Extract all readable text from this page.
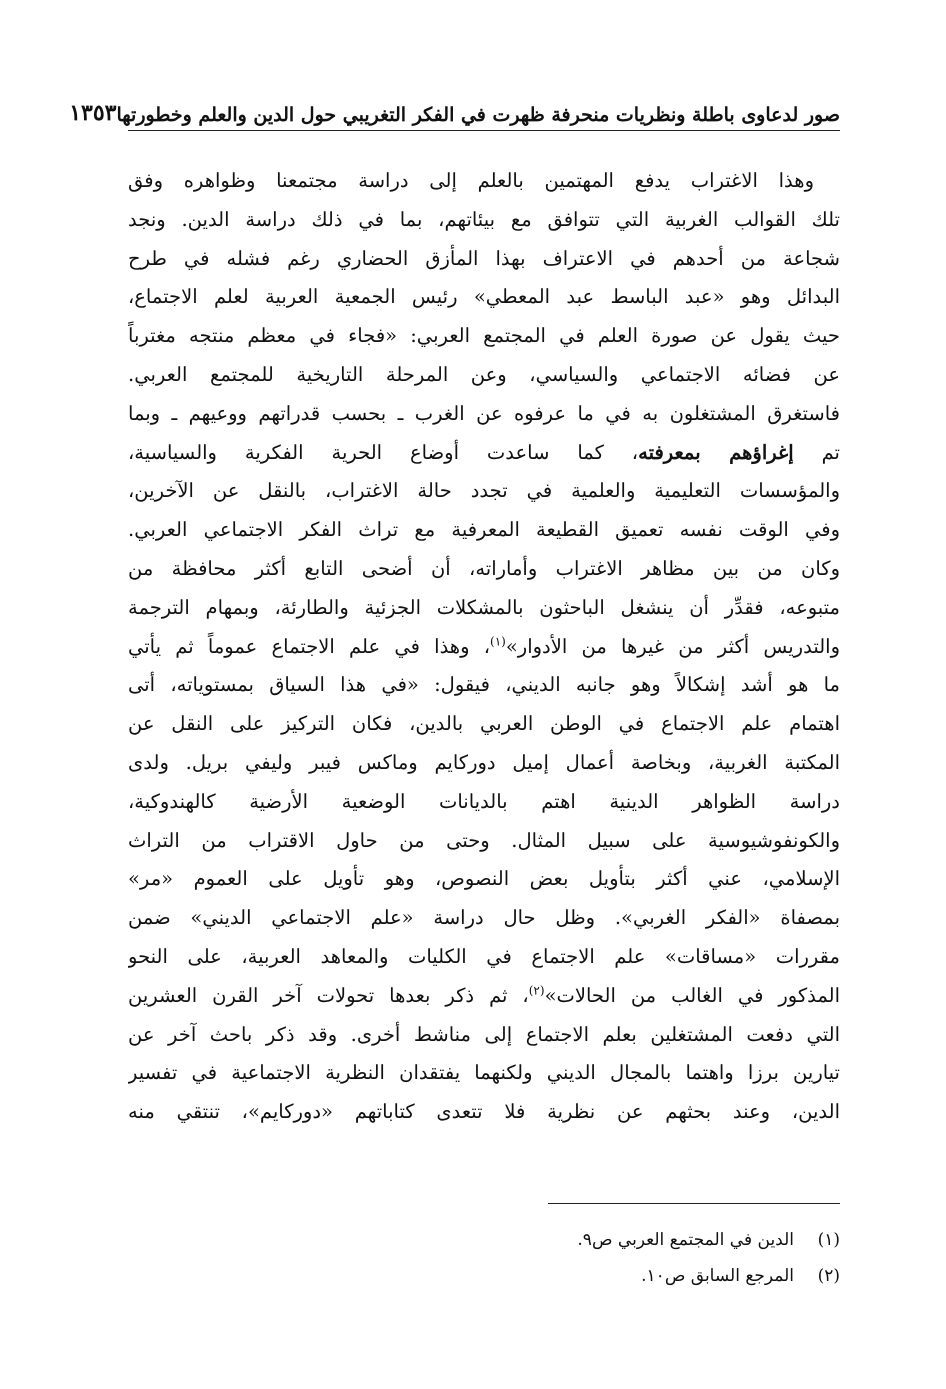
صور لدعاوى باطلة ونظريات منحرفة ظهرت في الفكر التغريبي حول الدين والعلم وخطورتها
١٣٥٣
وهذا الاغتراب يدفع المهتمين بالعلم إلى دراسة مجتمعنا وظواهره وفق
تلك القوالب الغربية التي تتوافق مع بيئاتهم، بما في ذلك دراسة الدين. ونجد
شجاعة من أحدهم في الاعتراف بهذا المأزق الحضاري رغم فشله في طرح
البدائل وهو «عبد الباسط عبد المعطي» رئيس الجمعية العربية لعلم الاجتماع،
حيث يقول عن صورة العلم في المجتمع العربي: «فجاء في معظم منتجه مغترباً
عن فضائه الاجتماعي والسياسي، وعن المرحلة التاريخية للمجتمع العربي.
فاستغرق المشتغلون به في ما عرفوه عن الغرب ـ بحسب قدراتهم ووعيهم ـ وبما
تم إغراؤهم بمعرفته، كما ساعدت أوضاع الحرية الفكرية والسياسية،
والمؤسسات التعليمية والعلمية في تجدد حالة الاغتراب، بالنقل عن الآخرين،
وفي الوقت نفسه تعميق القطيعة المعرفية مع تراث الفكر الاجتماعي العربي.
وكان من بين مظاهر الاغتراب وأماراته، أن أضحى التابع أكثر محافظة من
متبوعه، فقدِّر أن ينشغل الباحثون بالمشكلات الجزئية والطارئة، وبمهام الترجمة
والتدريس أكثر من غيرها من الأدوار»$^{(١)}$، وهذا في علم الاجتماع عموماً ثم يأتي
ما هو أشد إشكالاً وهو جانبه الديني، فيقول: «في هذا السياق بمستوياته، أتى
اهتمام علم الاجتماع في الوطن العربي بالدين، فكان التركيز على النقل عن
المكتبة الغربية، وبخاصة أعمال إميل دوركايم وماكس فيبر وليفي بريل. ولدى
دراسة الظواهر الدينية اهتم بالديانات الوضعية الأرضية كالهندوكية،
والكونفوشيوسية على سبيل المثال. وحتى من حاول الاقتراب من التراث
الإسلامي، عني أكثر بتأويل بعض النصوص، وهو تأويل على العموم «مر»
بمصفاة «الفكر الغربي». وظل حال دراسة «علم الاجتماعي الديني» ضمن
مقررات «مساقات» علم الاجتماع في الكليات والمعاهد العربية، على النحو
المذكور في الغالب من الحالات»$^{(٢)}$، ثم ذكر بعدها تحولات آخر القرن العشرين
التي دفعت المشتغلين بعلم الاجتماع إلى مناشط أخرى. وقد ذكر باحث آخر عن
تيارين برزا واهتما بالمجال الديني ولكنهما يفتقدان النظرية الاجتماعية في تفسير
الدين، وعند بحثهم عن نظرية فلا تتعدى كتاباتهم «دوركايم»، تنتقي منه
(١)الدين في المجتمع العربي ص٩.
(٢)المرجع السابق ص١٠.
